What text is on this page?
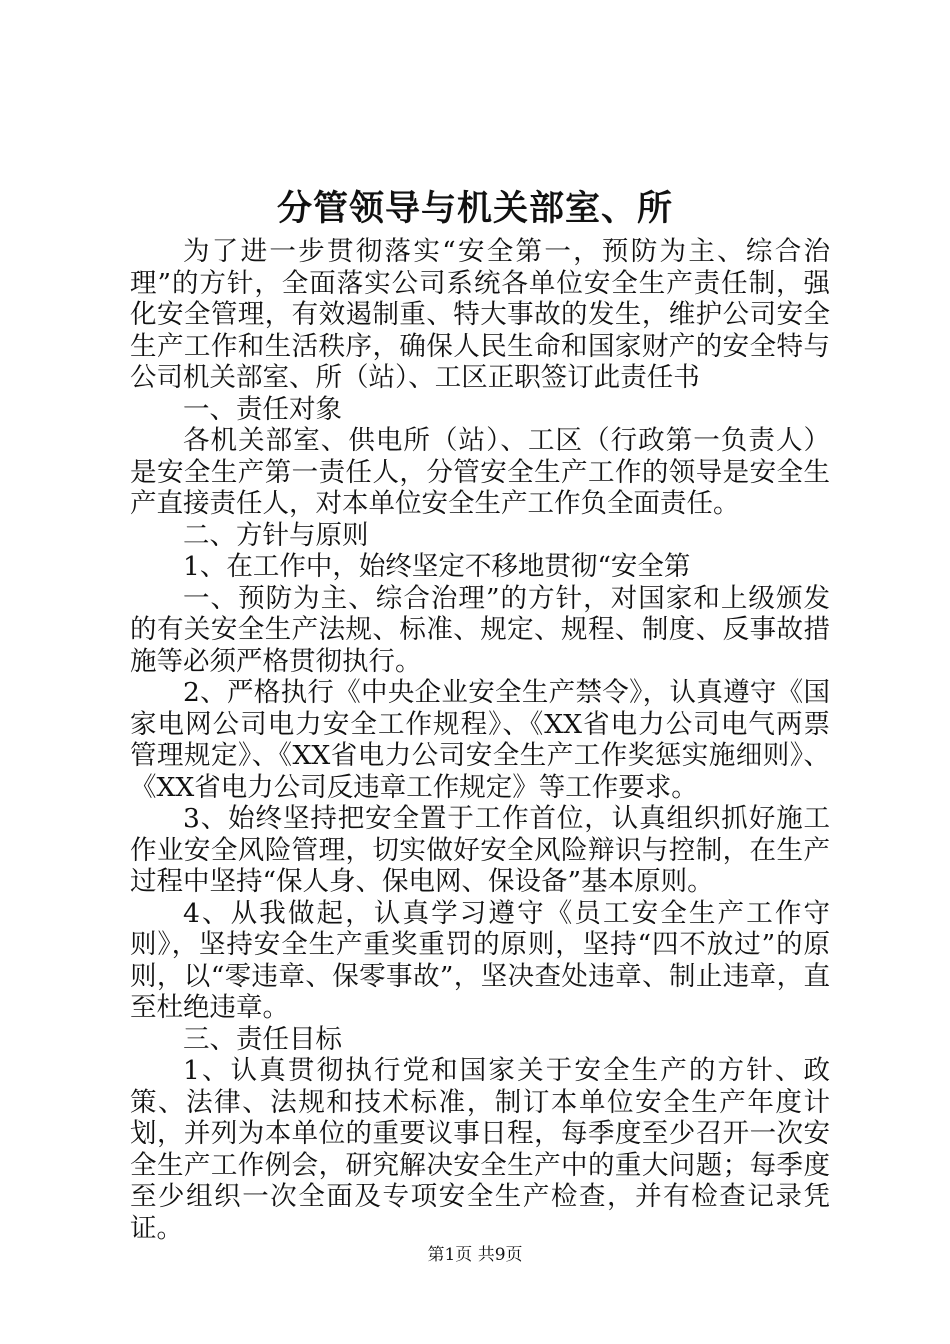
分管领导与机关部室、所

为了进一步贯彻落实“安全第一，预防为主、综合治理”的方针，全面落实公司系统各单位安全生产责任制，强化安全管理，有效遏制重、特大事故的发生，维护公司安全生产工作和生活秩序，确保人民生命和国家财产的安全特与公司机关部室、所（站）、工区正职签订此责任书

一、责任对象

各机关部室、供电所（站）、工区（行政第一负责人）是安全生产第一责任人，分管安全生产工作的领导是安全生产直接责任人，对本单位安全生产工作负全面责任。

二、方针与原则

1、在工作中，始终坚定不移地贯彻“安全第

一、预防为主、综合治理”的方针，对国家和上级颁发的有关安全生产法规、标准、规定、规程、制度、反事故措施等必须严格贯彻执行。

2、严格执行《中央企业安全生产禁令》，认真遵守《国家电网公司电力安全工作规程》、《XX省电力公司电气两票管理规定》、《XX省电力公司安全生产工作奖惩实施细则》、《XX省电力公司反违章工作规定》等工作要求。

3、始终坚持把安全置于工作首位，认真组织抓好施工作业安全风险管理，切实做好安全风险辩识与控制，在生产过程中坚持“保人身、保电网、保设备”基本原则。

4、从我做起，认真学习遵守《员工安全生产工作守则》，坚持安全生产重奖重罚的原则，坚持“四不放过”的原则，以“零违章、保零事故”，坚决查处违章、制止违章，直至杜绝违章。

三、责任目标

1、认真贯彻执行党和国家关于安全生产的方针、政策、法律、法规和技术标准，制订本单位安全生产年度计划，并列为本单位的重要议事日程，每季度至少召开一次安全生产工作例会，研究解决安全生产中的重大问题；每季度至少组织一次全面及专项安全生产检查，并有检查记录凭证。

第1页 共9页
